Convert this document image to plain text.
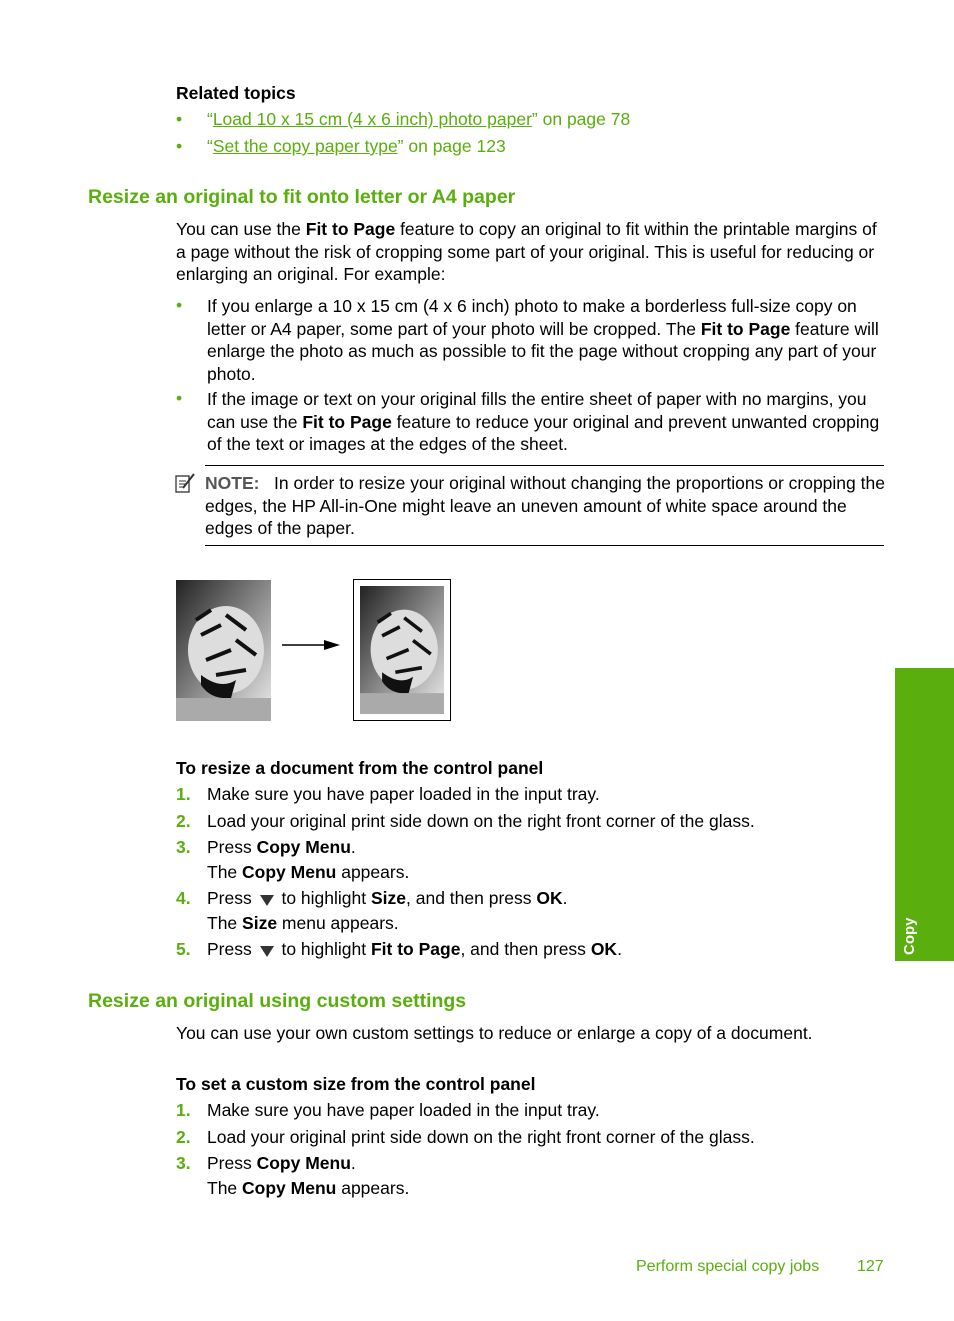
Related topics
• “Load 10 x 15 cm (4 x 6 inch) photo paper” on page 78
• “Set the copy paper type” on page 123
Resize an original to fit onto letter or A4 paper
You can use the Fit to Page feature to copy an original to fit within the printable margins of a page without the risk of cropping some part of your original. This is useful for reducing or enlarging an original. For example:
• If you enlarge a 10 x 15 cm (4 x 6 inch) photo to make a borderless full-size copy on letter or A4 paper, some part of your photo will be cropped. The Fit to Page feature will enlarge the photo as much as possible to fit the page without cropping any part of your photo.
• If the image or text on your original fills the entire sheet of paper with no margins, you can use the Fit to Page feature to reduce your original and prevent unwanted cropping of the text or images at the edges of the sheet.
NOTE: In order to resize your original without changing the proportions or cropping the edges, the HP All-in-One might leave an uneven amount of white space around the edges of the paper.
To resize a document from the control panel
1. Make sure you have paper loaded in the input tray.
2. Load your original print side down on the right front corner of the glass.
3. Press Copy Menu.
The Copy Menu appears.
4. Press  to highlight Size, and then press OK.
The Size menu appears.
5. Press  to highlight Fit to Page, and then press OK.
Resize an original using custom settings
You can use your own custom settings to reduce or enlarge a copy of a document.
To set a custom size from the control panel
1. Make sure you have paper loaded in the input tray.
2. Load your original print side down on the right front corner of the glass.
3. Press Copy Menu.
The Copy Menu appears.
Copy
Perform special copy jobs 127
